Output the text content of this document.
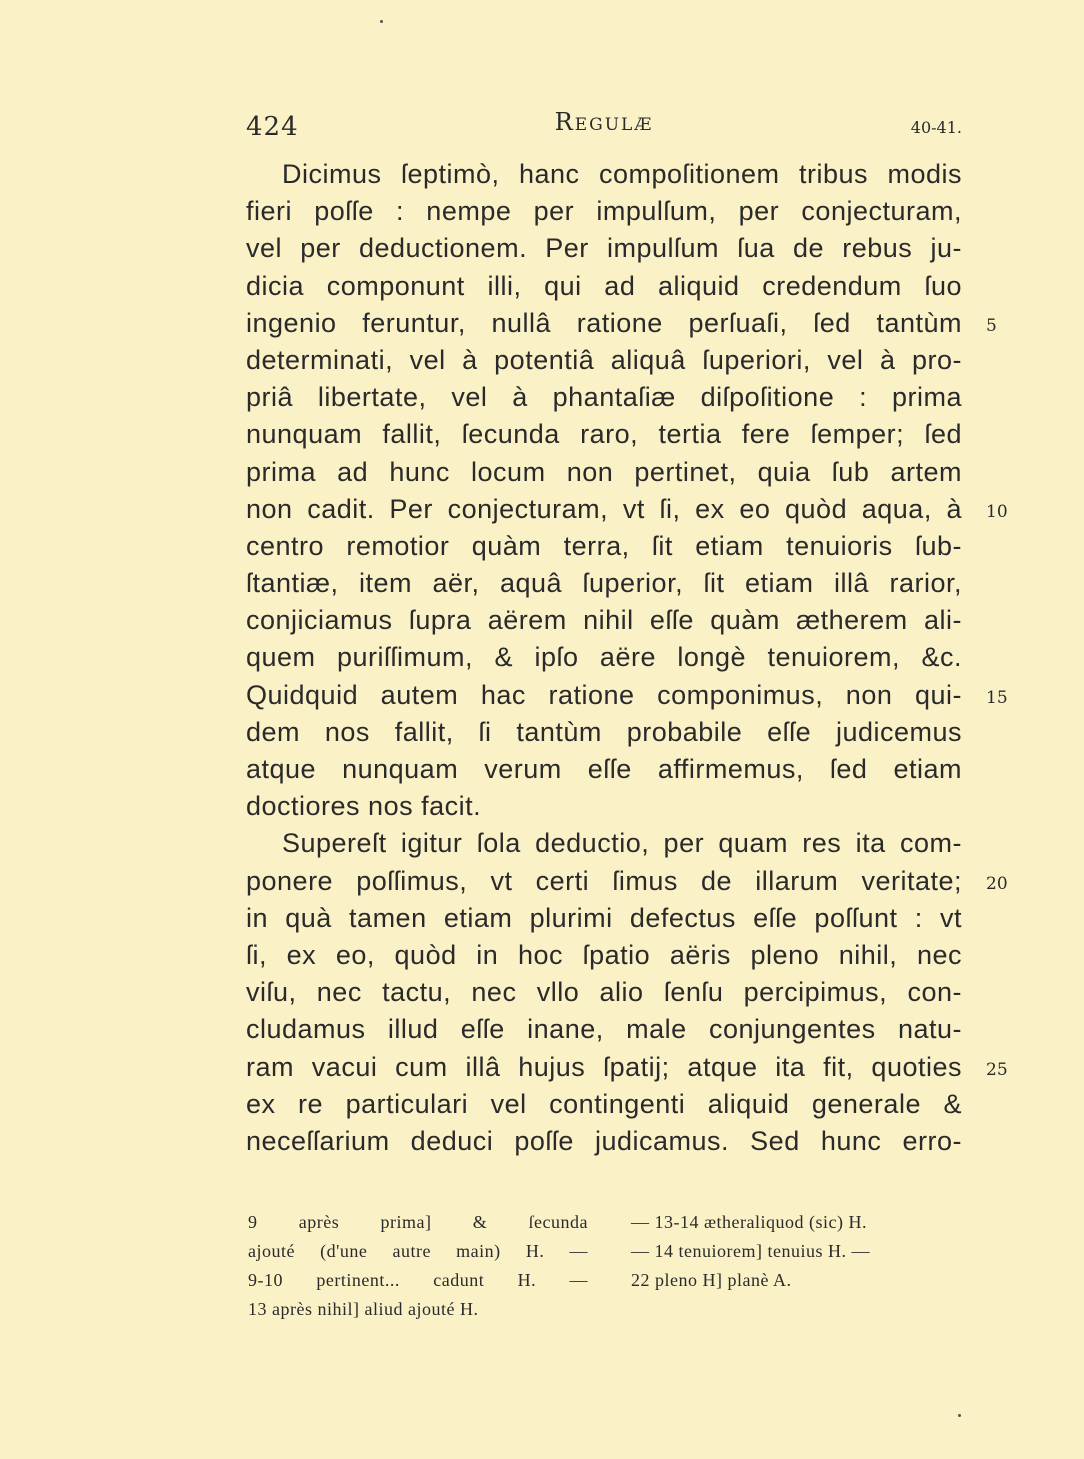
424	Regulæ	40-41.
Dicimus ſeptimò, hanc compoſitionem tribus modis
fieri poſſe : nempe per impulſum, per conjecturam,
vel per deductionem. Per impulſum ſua de rebus ju-
dicia componunt illi, qui ad aliquid credendum ſuo
ingenio feruntur, nullâ ratione perſuaſi, ſed tantùm
determinati, vel à potentiâ aliquâ ſuperiori, vel à pro-
priâ libertate, vel à phantaſiæ diſpoſitione : prima
nunquam fallit, ſecunda raro, tertia fere ſemper; ſed
prima ad hunc locum non pertinet, quia ſub artem
non cadit. Per conjecturam, vt ſi, ex eo quòd aqua, à
centro remotior quàm terra, ſit etiam tenuioris ſub-
ſtantiæ, item aër, aquâ ſuperior, ſit etiam illâ rarior,
conjiciamus ſupra aërem nihil eſſe quàm ætherem ali-
quem puriſſimum, & ipſo aëre longè tenuiorem, &c.
Quidquid autem hac ratione componimus, non qui-
dem nos fallit, ſi tantùm probabile eſſe judicemus
atque nunquam verum eſſe affirmemus, ſed etiam
doctiores nos facit.
Supereſt igitur ſola deductio, per quam res ita com-
ponere poſſimus, vt certi ſimus de illarum veritate;
in quà tamen etiam plurimi defectus eſſe poſſunt : vt
ſi, ex eo, quòd in hoc ſpatio aëris pleno nihil, nec
viſu, nec tactu, nec vllo alio ſenſu percipimus, con-
cludamus illud eſſe inane, male conjungentes natu-
ram vacui cum illâ hujus ſpatij; atque ita fit, quoties
ex re particulari vel contingenti aliquid generale &
neceſſarium deduci poſſe judicamus. Sed hunc erro-
5
10
15
20
25
9 après prima] & ſecunda
ajouté (d'une autre main) H. —
9-10 pertinent... cadunt H. —
13 après nihil] aliud ajouté H.
— 13-14 ætheraliquod (sic) H.
— 14 tenuiorem] tenuius H. —
22 pleno H] planè A.
